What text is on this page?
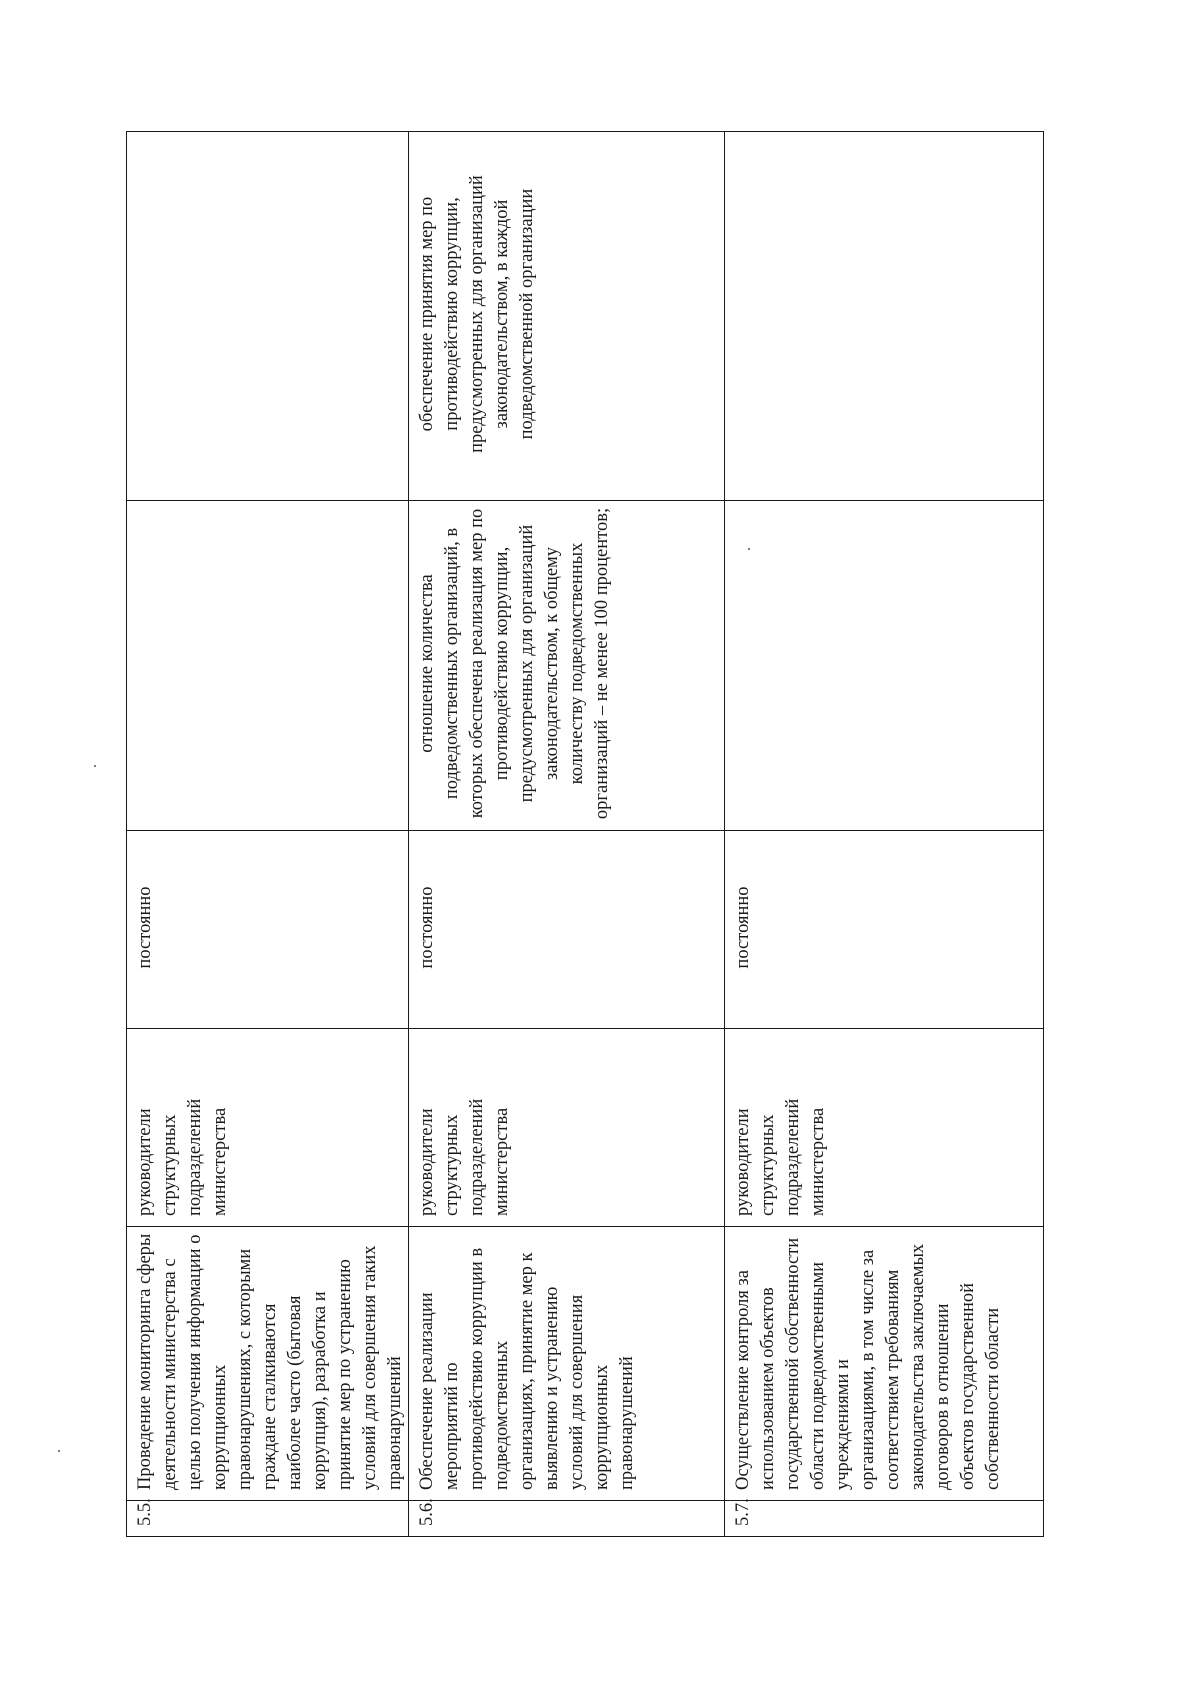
5.5.	Проведение мониторинга сферы деятельности министерства с целью получения информации о коррупционных правонарушениях, с которыми граждане сталкиваются наиболее часто (бытовая коррупция), разработка и принятие мер по устранению условий для совершения таких правонарушений	руководители структурных подразделений министерства	постоянно		
5.6.	Обеспечение реализации мероприятий по противодействию коррупции в подведомственных организациях, принятие мер к выявлению и устранению условий для совершения коррупционных правонарушений	руководители структурных подразделений министерства	постоянно	отношение количества подведомственных организаций, в которых обеспечена реализация мер по противодействию коррупции, предусмотренных для организаций законодательством, к общему количеству подведомственных организаций – не менее 100 процентов;	обеспечение принятия мер по противодействию коррупции, предусмотренных для организаций законодательством, в каждой подведомственной организации
5.7.	Осуществление контроля за использованием объектов государственной собственности области подведомственными учреждениями и организациями, в том числе за соответствием требованиям законодательства заключаемых договоров в отношении объектов государственной собственности области	руководители структурных подразделений министерства	постоянно		
